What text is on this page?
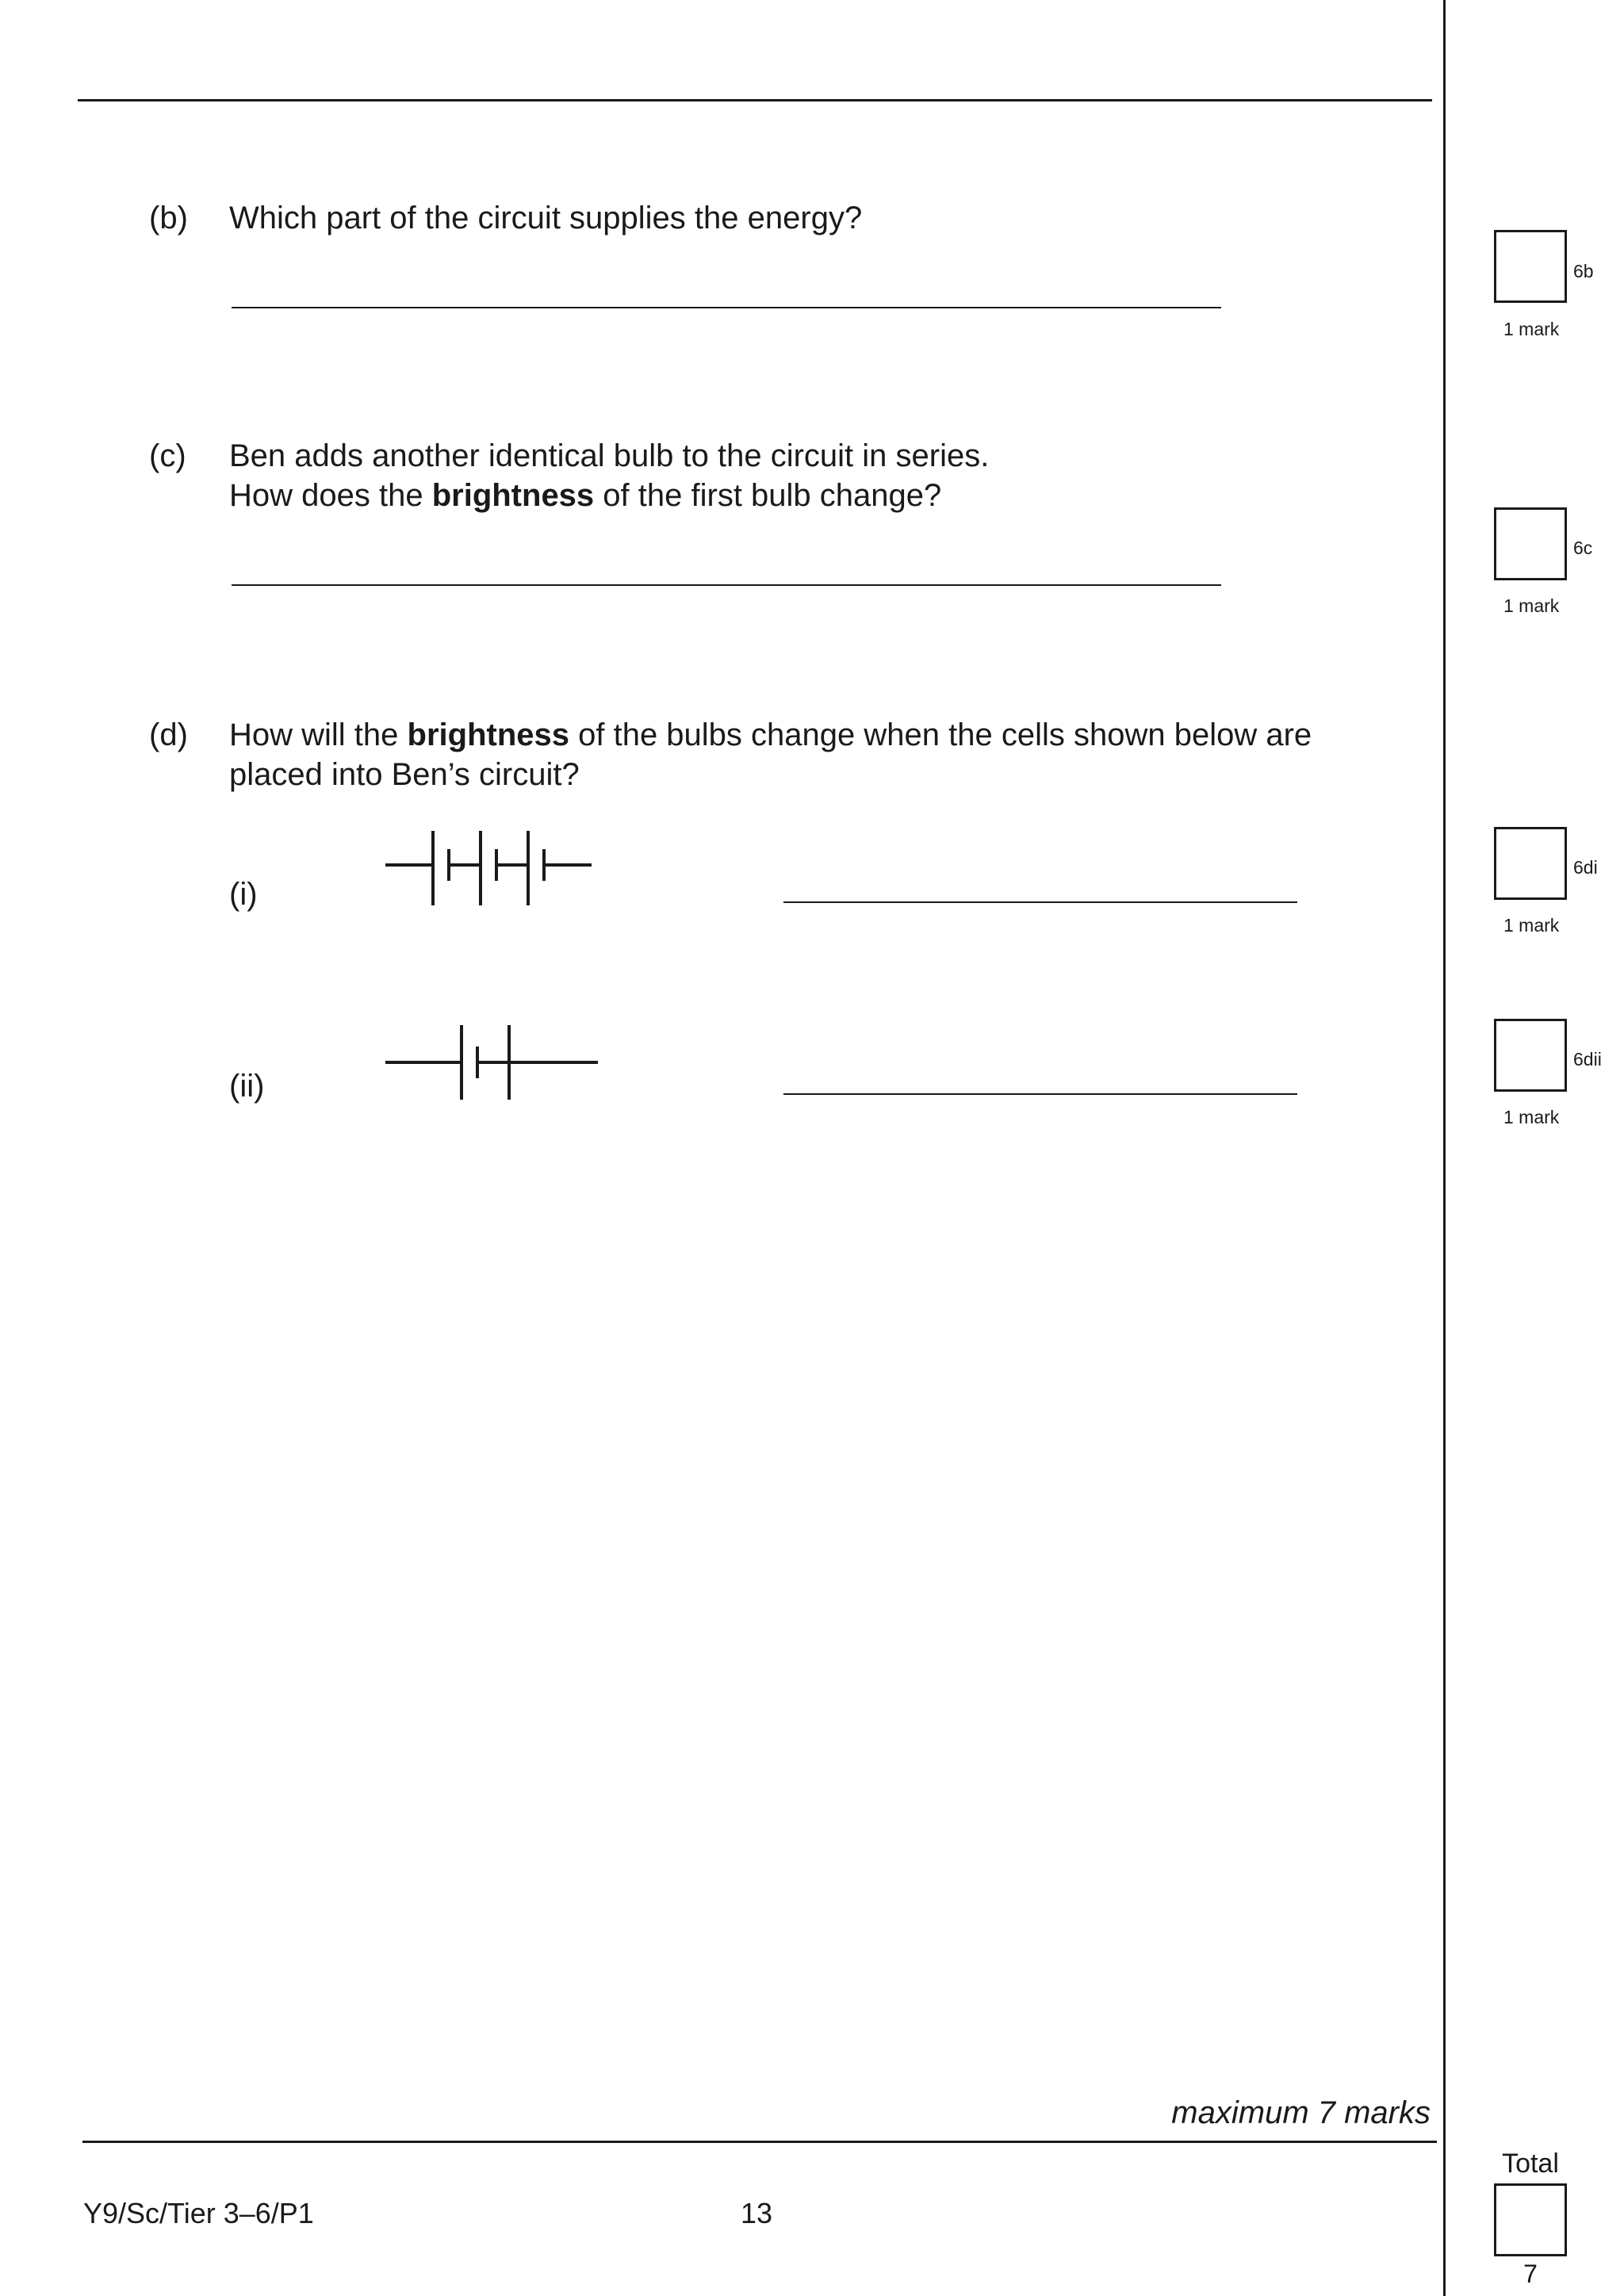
(b) Which part of the circuit supplies the energy?
(c) Ben adds another identical bulb to the circuit in series.
How does the brightness of the first bulb change?
(d) How will the brightness of the bulbs change when the cells shown below are
placed into Ben’s circuit?
(i)
(ii)
6b
1 mark
6c
1 mark
6di
1 mark
6dii
1 mark
maximum 7 marks
Total
7
Y9/Sc/Tier 3–6/P1	13
